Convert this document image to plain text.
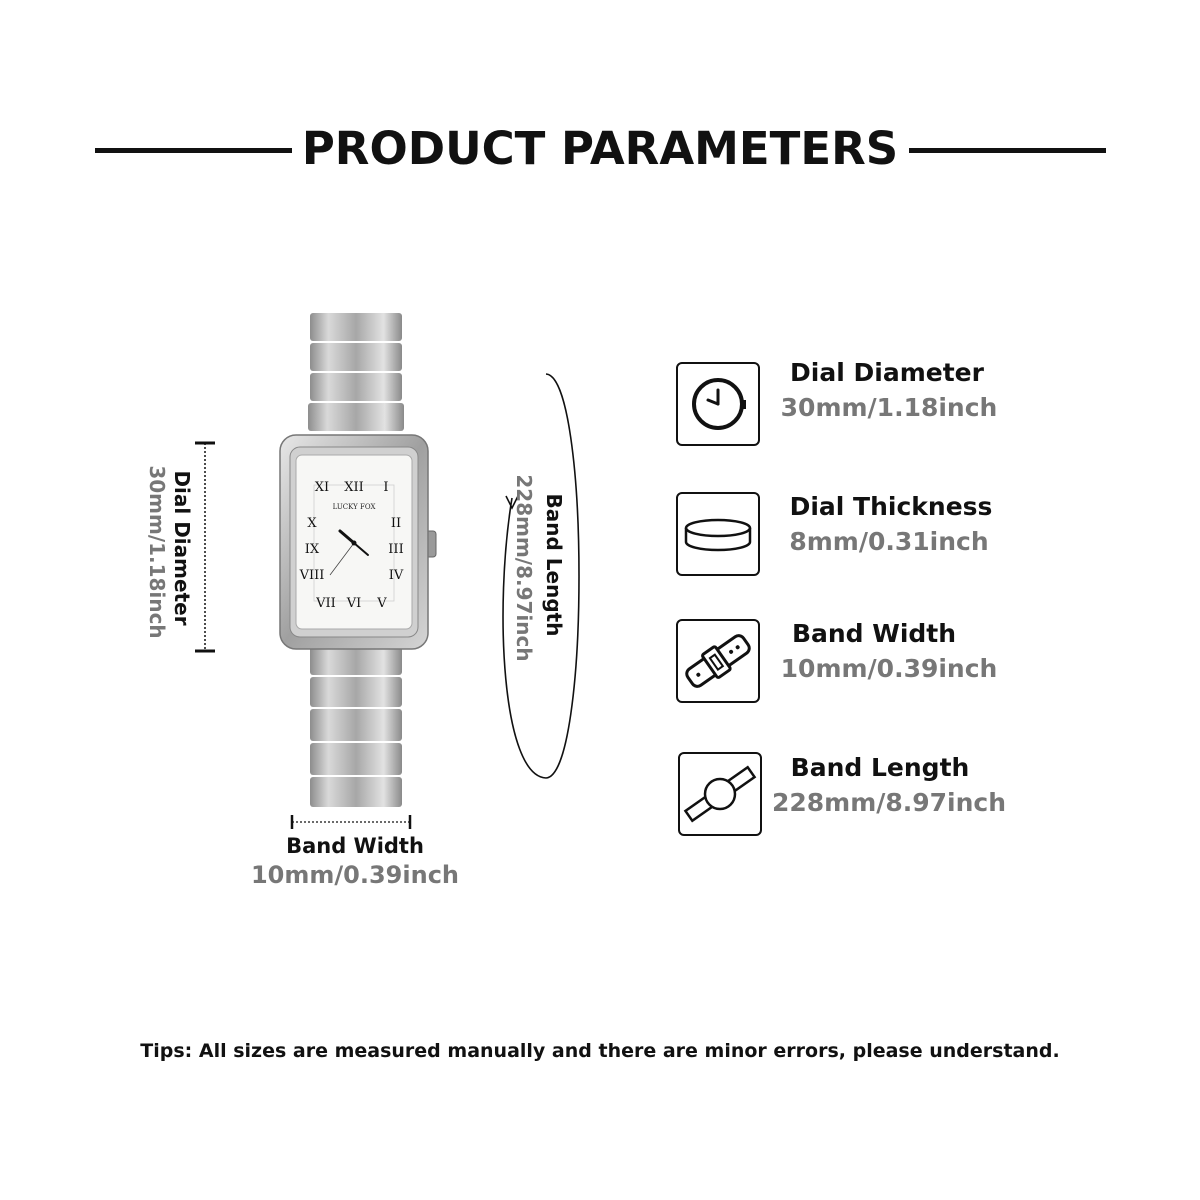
PRODUCT PARAMETERS
XI XII I
X	II
IX	III
VIII	IV
VII VI V
LUCKY FOX
Dial Diameter
30mm/1.18inch	Band Length
228mm/8.97inch
Band Width
10mm/0.39inch
Dial Diameter
30mm/1.18inch
Dial Thickness
8mm/0.31inch
Band Width
10mm/0.39inch
Band Length
228mm/8.97inch
Tips: All sizes are measured manually and there are minor errors, please understand.
